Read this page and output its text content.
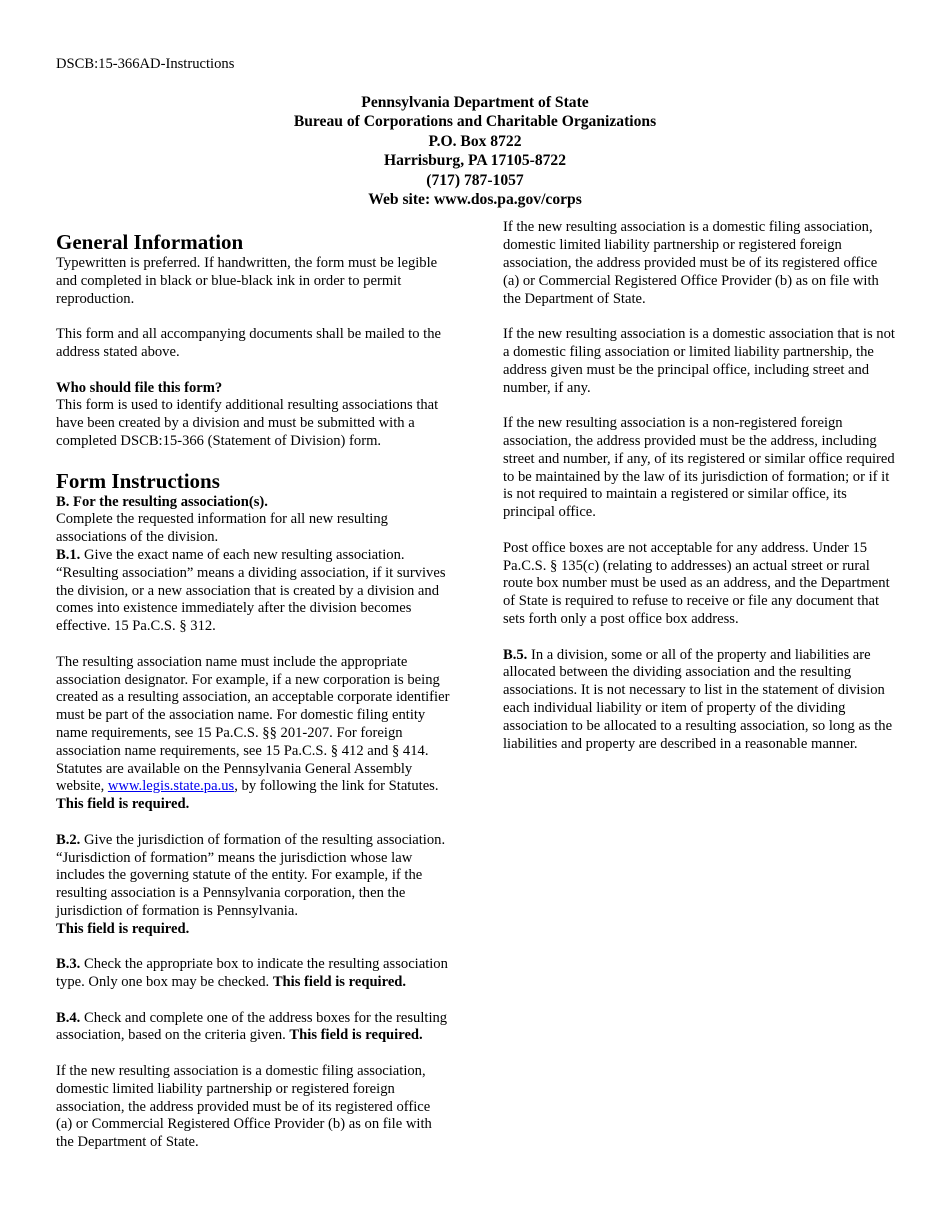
DSCB:15-366AD-Instructions
Pennsylvania Department of State
Bureau of Corporations and Charitable Organizations
P.O. Box 8722
Harrisburg, PA 17105-8722
(717) 787-1057
Web site: www.dos.pa.gov/corps
General Information

Typewritten is preferred. If handwritten, the form must be legible and completed in black or blue-black ink in order to permit reproduction.

This form and all accompanying documents shall be mailed to the address stated above.

Who should file this form?

This form is used to identify additional resulting associations that have been created by a division and must be submitted with a completed DSCB:15-366 (Statement of Division) form.

Form Instructions

B. For the resulting association(s).

Complete the requested information for all new resulting associations of the division.

B.1. Give the exact name of each new resulting association. “Resulting association” means a dividing association, if it survives the division, or a new association that is created by a division and comes into existence immediately after the division becomes effective. 15 Pa.C.S. § 312.

The resulting association name must include the appropriate association designator. For example, if a new corporation is being created as a resulting association, an acceptable corporate identifier must be part of the association name. For domestic filing entity name requirements, see 15 Pa.C.S. §§ 201-207. For foreign association name requirements, see 15 Pa.C.S. § 412 and § 414. Statutes are available on the Pennsylvania General Assembly website, www.legis.state.pa.us, by following the link for Statutes.
This field is required.

B.2. Give the jurisdiction of formation of the resulting association. “Jurisdiction of formation” means the jurisdiction whose law includes the governing statute of the entity. For example, if the resulting association is a Pennsylvania corporation, then the jurisdiction of formation is Pennsylvania.
This field is required.

B.3. Check the appropriate box to indicate the resulting association type. Only one box may be checked. This field is required.

B.4. Check and complete one of the address boxes for the resulting association, based on the criteria given. This field is required.

If the new resulting association is a domestic filing association, domestic limited liability partnership or registered foreign association, the address provided must be of its registered office (a) or Commercial Registered Office Provider (b) as on file with the Department of State.

If the new resulting association is a domestic filing association, domestic limited liability partnership or registered foreign association, the address provided must be of its registered office (a) or Commercial Registered Office Provider (b) as on file with the Department of State.

If the new resulting association is a domestic association that is not a domestic filing association or limited liability partnership, the address given must be the principal office, including street and number, if any.

If the new resulting association is a non-registered foreign association, the address provided must be the address, including street and number, if any, of its registered or similar office required to be maintained by the law of its jurisdiction of formation; or if it is not required to maintain a registered or similar office, its principal office.

Post office boxes are not acceptable for any address. Under 15 Pa.C.S. § 135(c) (relating to addresses) an actual street or rural route box number must be used as an address, and the Department of State is required to refuse to receive or file any document that sets forth only a post office box address.

B.5. In a division, some or all of the property and liabilities are allocated between the dividing association and the resulting associations. It is not necessary to list in the statement of division each individual liability or item of property of the dividing association to be allocated to a resulting association, so long as the liabilities and property are described in a reasonable manner.
